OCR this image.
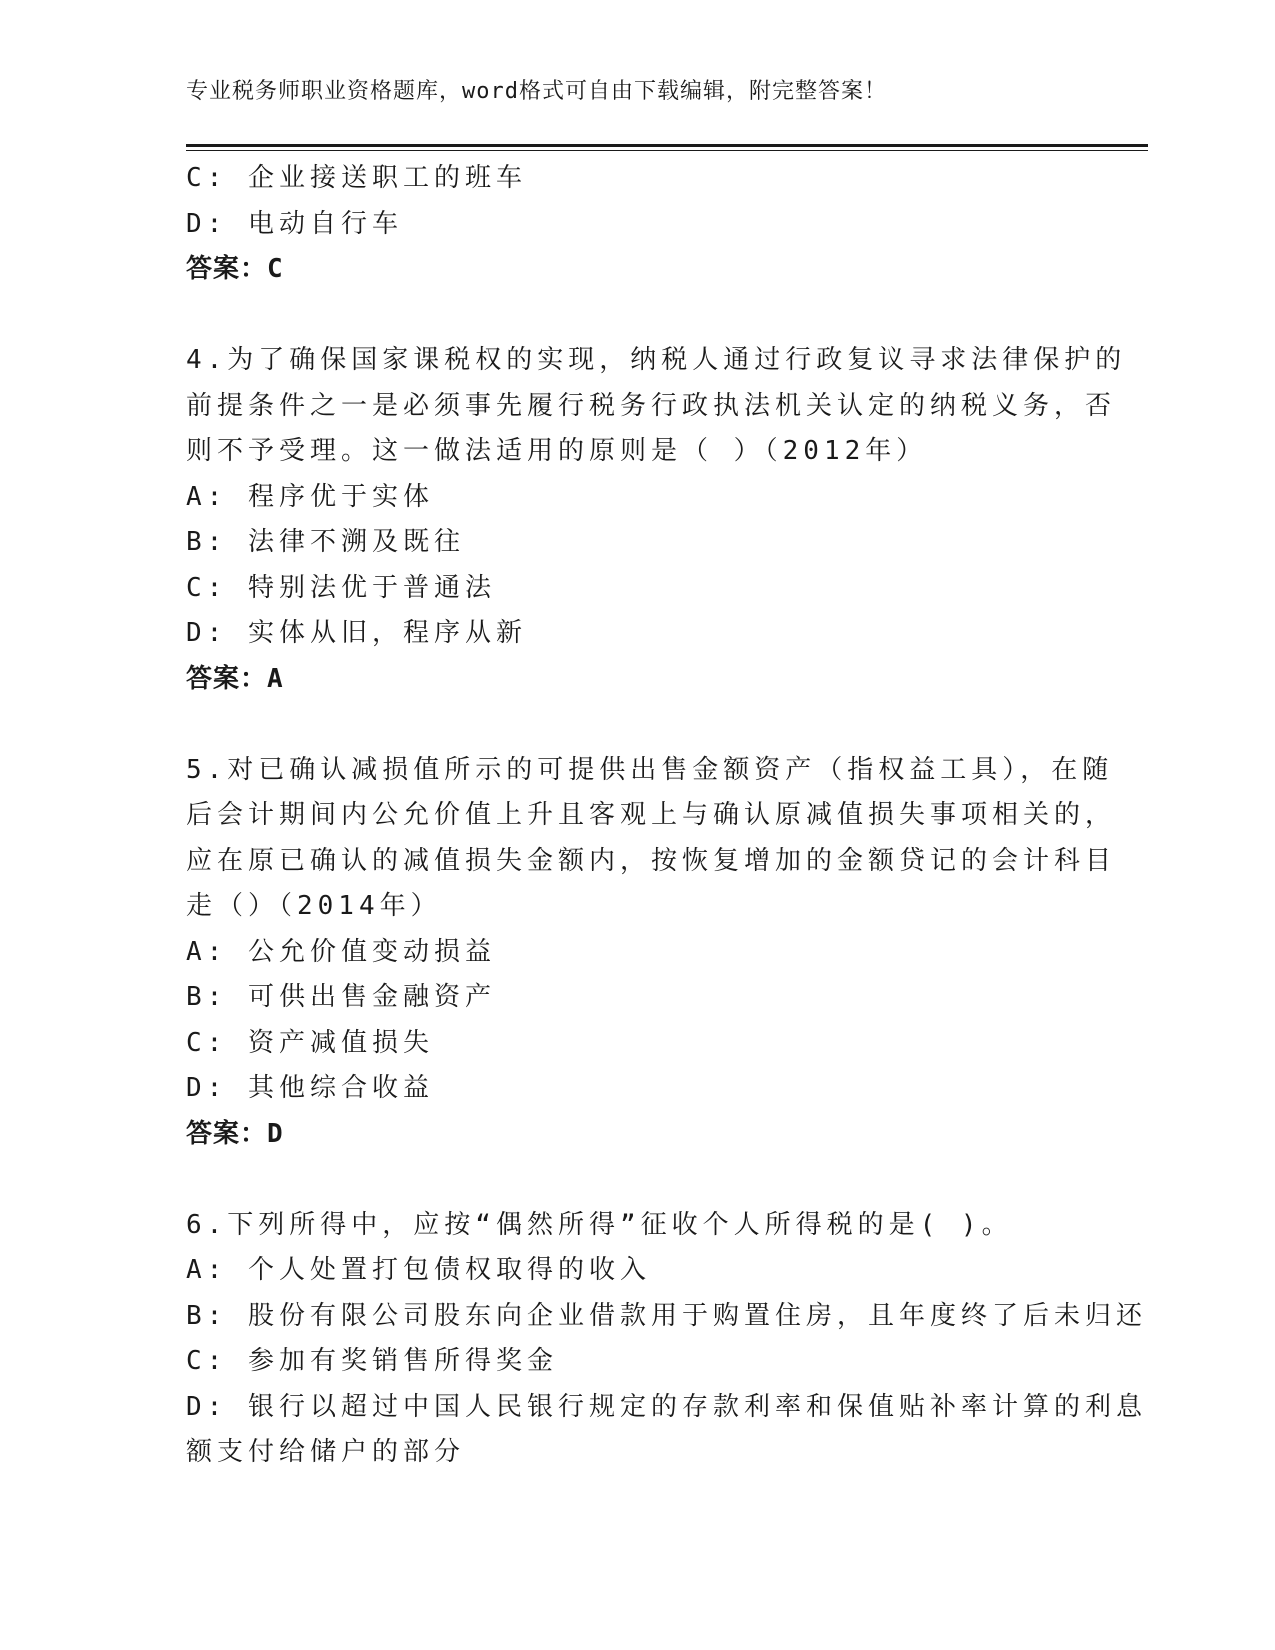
专业税务师职业资格题库，word格式可自由下载编辑，附完整答案！
C: 企业接送职工的班车
D: 电动自行车
答案：C
4.为了确保国家课税权的实现，纳税人通过行政复议寻求法律保护的
前提条件之一是必须事先履行税务行政执法机关认定的纳税义务，否
则不予受理。这一做法适用的原则是（ ）（2012年）
A: 程序优于实体
B: 法律不溯及既往
C: 特别法优于普通法
D: 实体从旧，程序从新
答案：A
5.对已确认减损值所示的可提供出售金额资产（指权益工具），在随
后会计期间内公允价值上升且客观上与确认原减值损失事项相关的，
应在原已确认的减值损失金额内，按恢复增加的金额贷记的会计科目
走（）（2014年）
A: 公允价值变动损益
B: 可供出售金融资产
C: 资产减值损失
D: 其他综合收益
答案：D
6.下列所得中，应按“偶然所得”征收个人所得税的是( )。
A: 个人处置打包债权取得的收入
B: 股份有限公司股东向企业借款用于购置住房，且年度终了后未归还
C: 参加有奖销售所得奖金
D: 银行以超过中国人民银行规定的存款利率和保值贴补率计算的利息
额支付给储户的部分
